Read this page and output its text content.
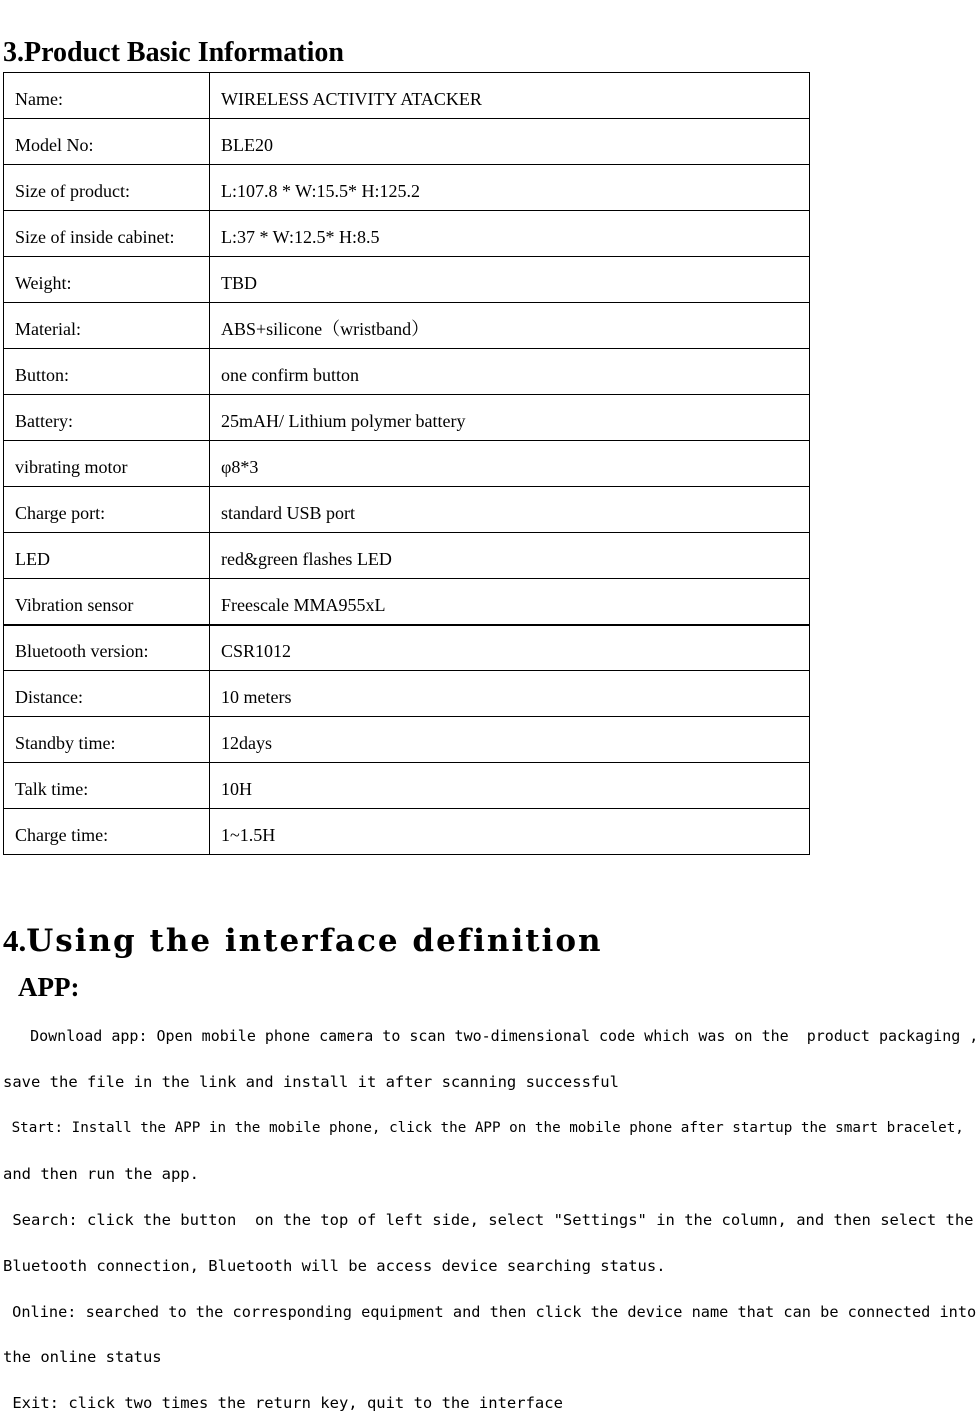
3.Product Basic Information
Name:	WIRELESS ACTIVITY ATACKER
Model No:	BLE20
Size of product:	L:107.8 * W:15.5* H:125.2
Size of inside cabinet:	L:37 * W:12.5* H:8.5
Weight:	TBD
Material:	ABS+silicone（wristband）
Button:	one confirm button
Battery:	25mAH/ Lithium polymer battery
vibrating motor	φ8*3
Charge port:	standard USB port
LED	red&green flashes LED
Vibration sensor	Freescale MMA955xL
Bluetooth version:	CSR1012
Distance:	10 meters
Standby time:	12days
Talk time:	10H
Charge time:	1~1.5H
4.Using the interface definition
APP:

Download app: Open mobile phone camera to scan two-dimensional code which was on the  product packaging ,

save the file in the link and install it after scanning successful

Start: Install the APP in the mobile phone, click the APP on the mobile phone after startup the smart bracelet,

and then run the app.

Search: click the button  on the top of left side, select "Settings" in the column, and then select the

Bluetooth connection, Bluetooth will be access device searching status.

Online: searched to the corresponding equipment and then click the device name that can be connected into

the online status

Exit: click two times the return key, quit to the interface
